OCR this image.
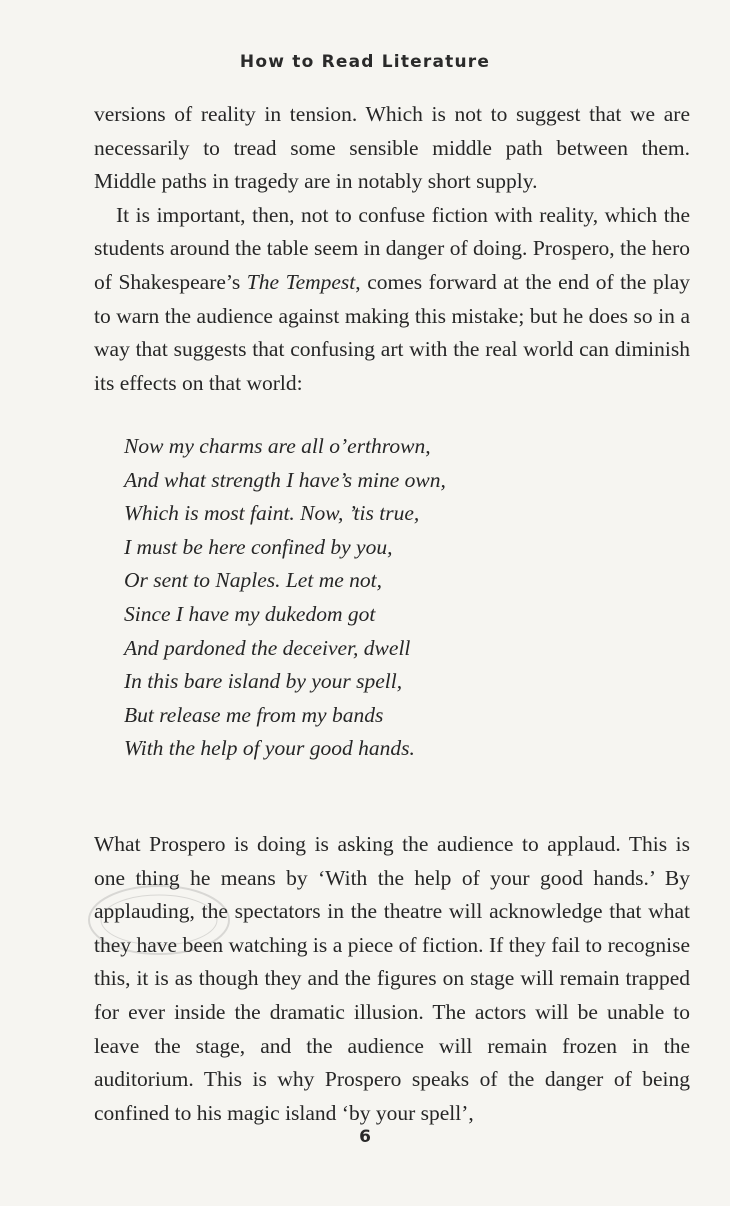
How to Read Literature

versions of reality in tension. Which is not to suggest that we are necessarily to tread some sensible middle path between them. Middle paths in tragedy are in notably short supply.

It is important, then, not to confuse fiction with reality, which the students around the table seem in danger of doing. Prospero, the hero of Shakespeare’s The Tempest, comes forward at the end of the play to warn the audience against making this mistake; but he does so in a way that suggests that confusing art with the real world can diminish its effects on that world:

Now my charms are all o’erthrown,
And what strength I have’s mine own,
Which is most faint. Now, ’tis true,
I must be here confined by you,
Or sent to Naples. Let me not,
Since I have my dukedom got
And pardoned the deceiver, dwell
In this bare island by your spell,
But release me from my bands
With the help of your good hands.

What Prospero is doing is asking the audience to applaud. This is one thing he means by ‘With the help of your good hands.’ By applauding, the spectators in the theatre will acknowledge that what they have been watching is a piece of fiction. If they fail to recognise this, it is as though they and the figures on stage will remain trapped for ever inside the dramatic illusion. The actors will be unable to leave the stage, and the audience will remain frozen in the auditorium. This is why Prospero speaks of the danger of being confined to his magic island ‘by your spell’,

6
